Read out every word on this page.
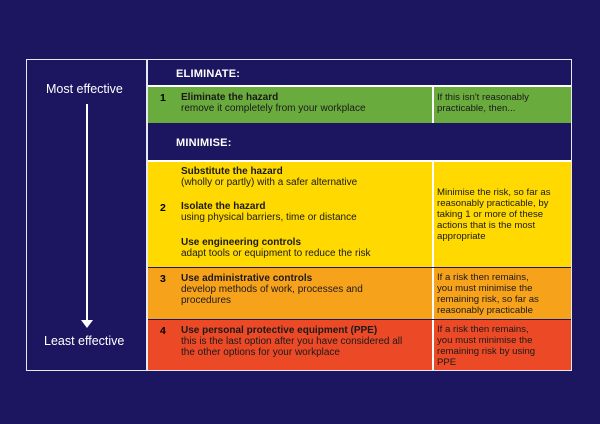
Most effective
Least effective
ELIMINATE:
1 Eliminate the hazard
remove it completely from your workplace
If this isn't reasonably
practicable, then...
MINIMISE:
2
Substitute the hazard
(wholly or partly) with a safer alternative
Isolate the hazard
using physical barriers, time or distance
Use engineering controls
adapt tools or equipment to reduce the risk
Minimise the risk, so far as
reasonably practicable, by
taking 1 or more of these
actions that is the most
appropriate
3 Use administrative controls
develop methods of work, processes and
procedures
If a risk then remains,
you must minimise the
remaining risk, so far as
reasonably practicable
4 Use personal protective equipment (PPE)
this is the last option after you have considered all
the other options for your workplace
If a risk then remains,
you must minimise the
remaining risk by using
PPE
